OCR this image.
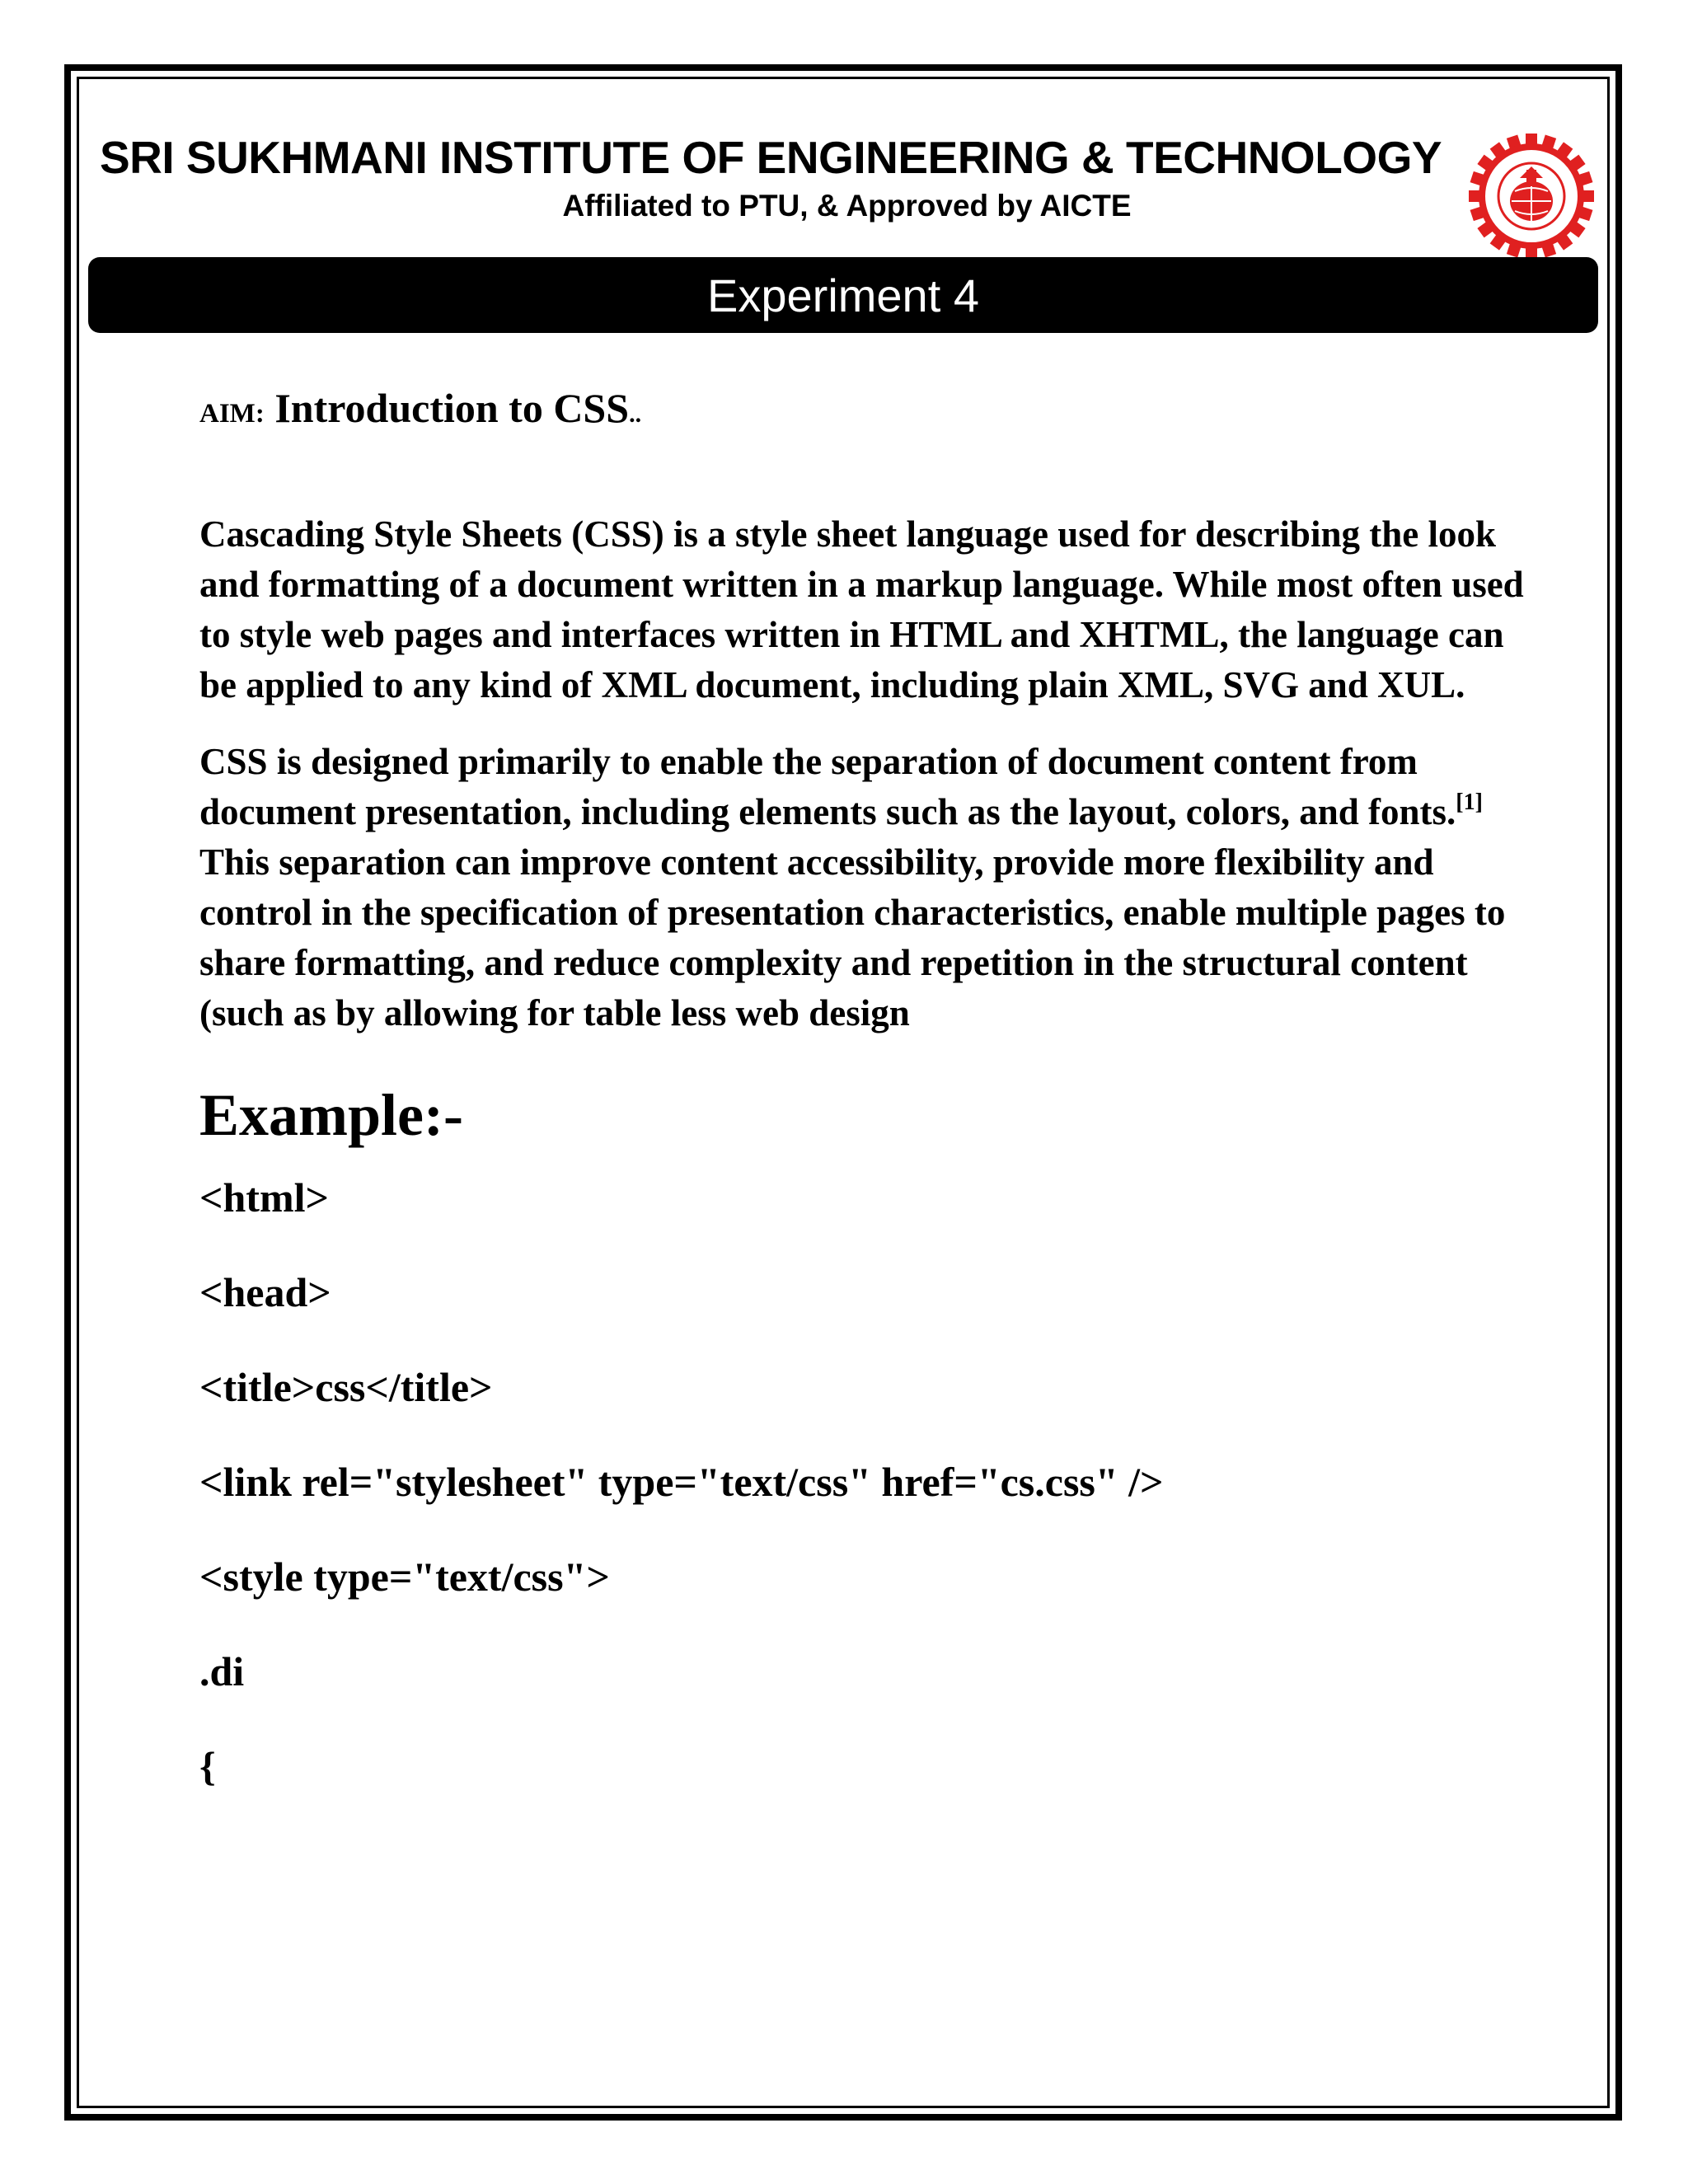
SRI SUKHMANI INSTITUTE OF ENGINEERING & TECHNOLOGY
Affiliated to PTU, & Approved by AICTE
Experiment 4
AIM: Introduction to CSS..

Cascading Style Sheets (CSS) is a style sheet language used for describing the look and formatting of a document written in a markup language. While most often used to style web pages and interfaces written in HTML and XHTML, the language can be applied to any kind of XML document, including plain XML, SVG and XUL.

CSS is designed primarily to enable the separation of document content from document presentation, including elements such as the layout, colors, and fonts.[1] This separation can improve content accessibility, provide more flexibility and control in the specification of presentation characteristics, enable multiple pages to share formatting, and reduce complexity and repetition in the structural content (such as by allowing for table less web design

Example:-
<html>
<head>
<title>css</title>
<link rel="stylesheet" type="text/css" href="cs.css" />
<style type="text/css">
.di
{
